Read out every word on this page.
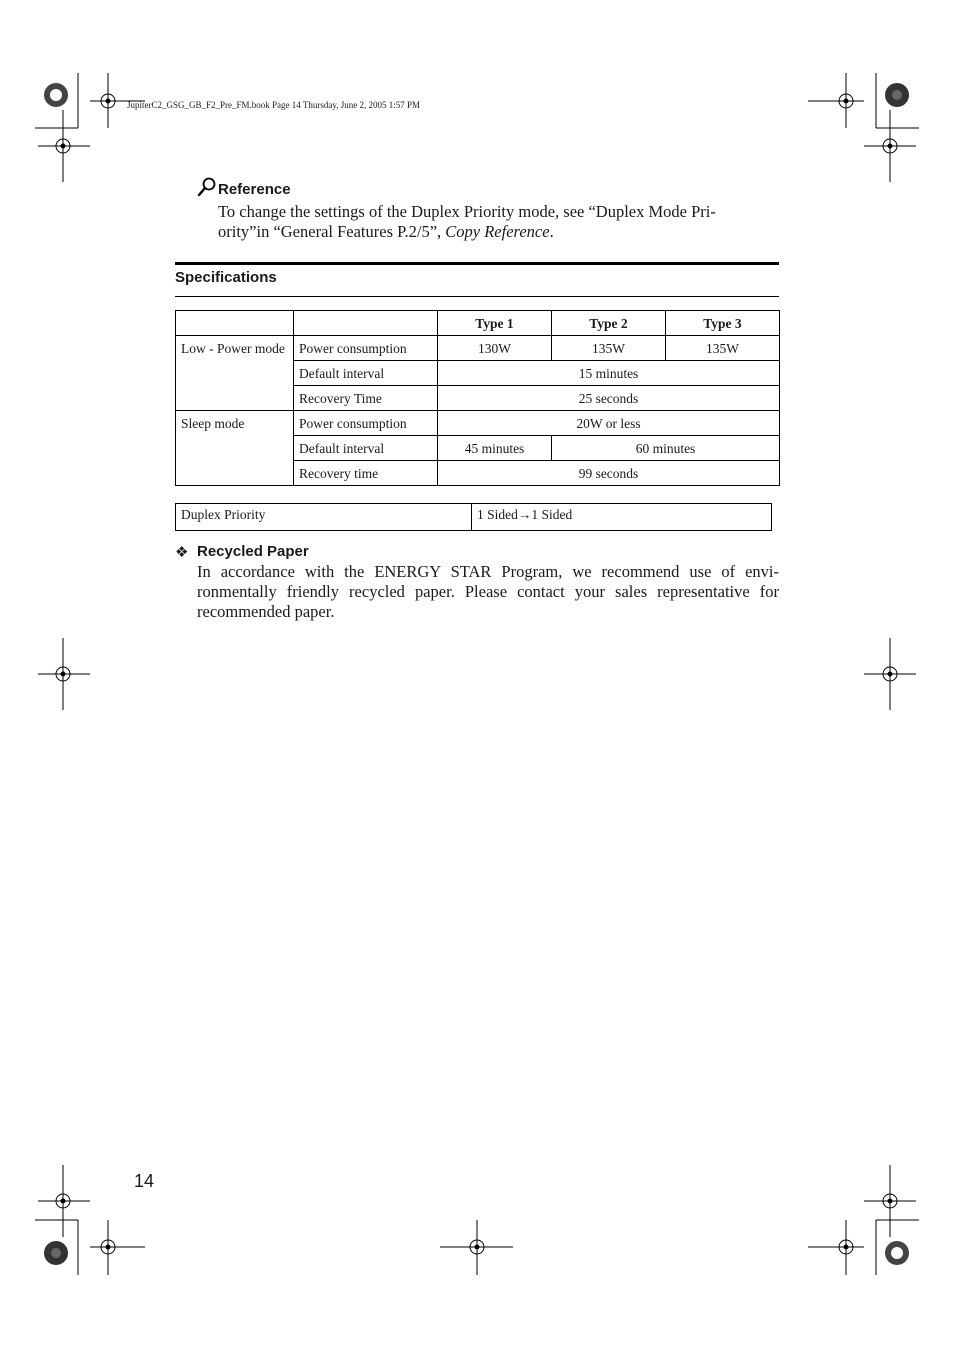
JupiterC2_GSG_GB_F2_Pre_FM.book Page 14 Thursday, June 2, 2005 1:57 PM
Reference
To change the settings of the Duplex Priority mode, see “Duplex Mode Pri-
ority”in “General Features P.2/5”, Copy Reference.
Specifications
		Type 1	Type 2	Type 3
Low - Power mode	Power consumption	130W	135W	135W
	Default interval	15 minutes		
	Recovery Time	25 seconds		
Sleep mode	Power consumption	20W or less		
	Default interval	45 minutes	60 minutes	
	Recovery time	99 seconds		
Duplex Priority	1 Sided→1 Sided
❖ Recycled Paper
In accordance with the ENERGY STAR Program, we recommend use of envi-ronmentally friendly recycled paper. Please contact your sales representative for recommended paper.
14
